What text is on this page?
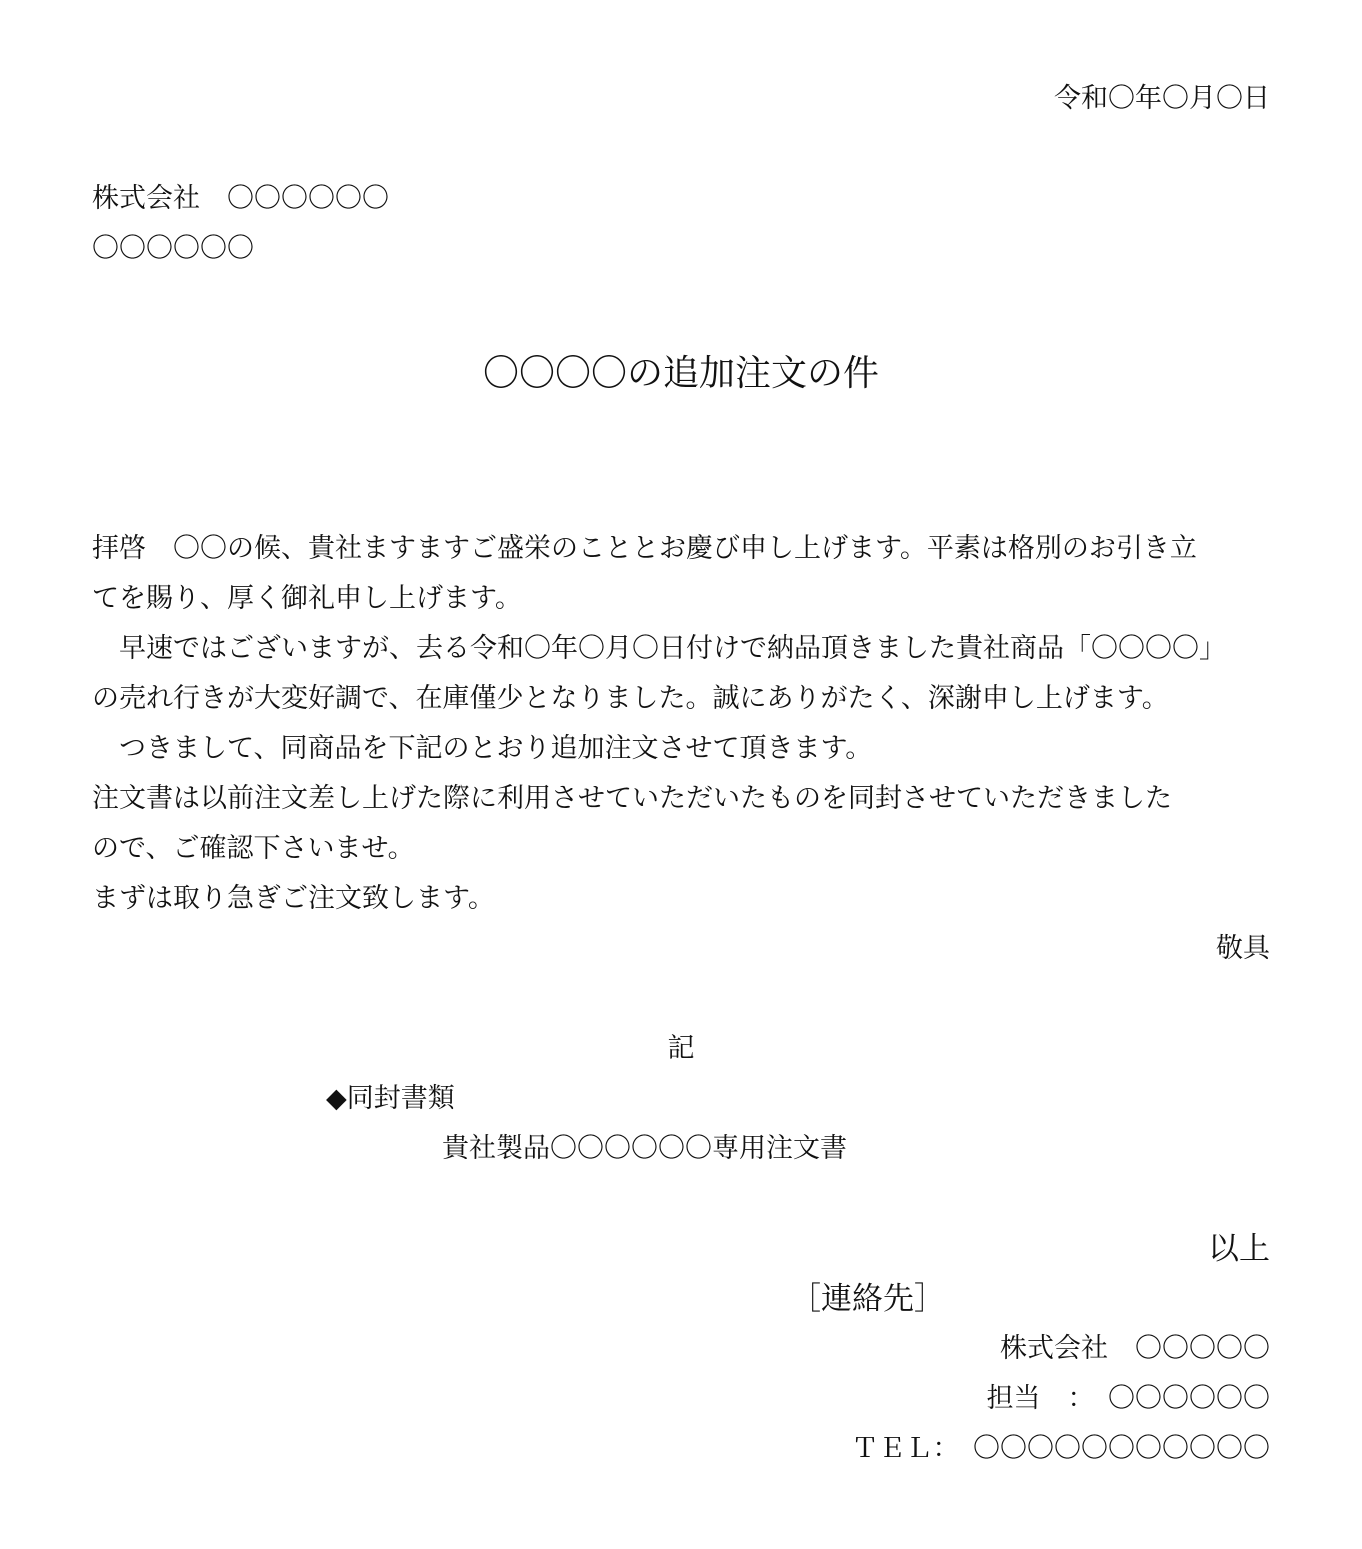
令和〇年〇月〇日
株式会社　〇〇〇〇〇〇
〇〇〇〇〇〇
〇〇〇〇の追加注文の件
拝啓　〇〇の候、貴社ますますご盛栄のこととお慶び申し上げます。平素は格別のお引き立
てを賜り、厚く御礼申し上げます。
　早速ではございますが、去る令和〇年〇月〇日付けで納品頂きました貴社商品「〇〇〇〇」
の売れ行きが大変好調で、在庫僅少となりました。誠にありがたく、深謝申し上げます。
　つきまして、同商品を下記のとおり追加注文させて頂きます。
注文書は以前注文差し上げた際に利用させていただいたものを同封させていただきました
ので、ご確認下さいませ。
まずは取り急ぎご注文致します。
敬具
記
◆同封書類
貴社製品〇〇〇〇〇〇専用注文書
以上
［連絡先］
株式会社　〇〇〇〇〇
担当　：　〇〇〇〇〇〇
ＴＥＬ：　〇〇〇〇〇〇〇〇〇〇〇
